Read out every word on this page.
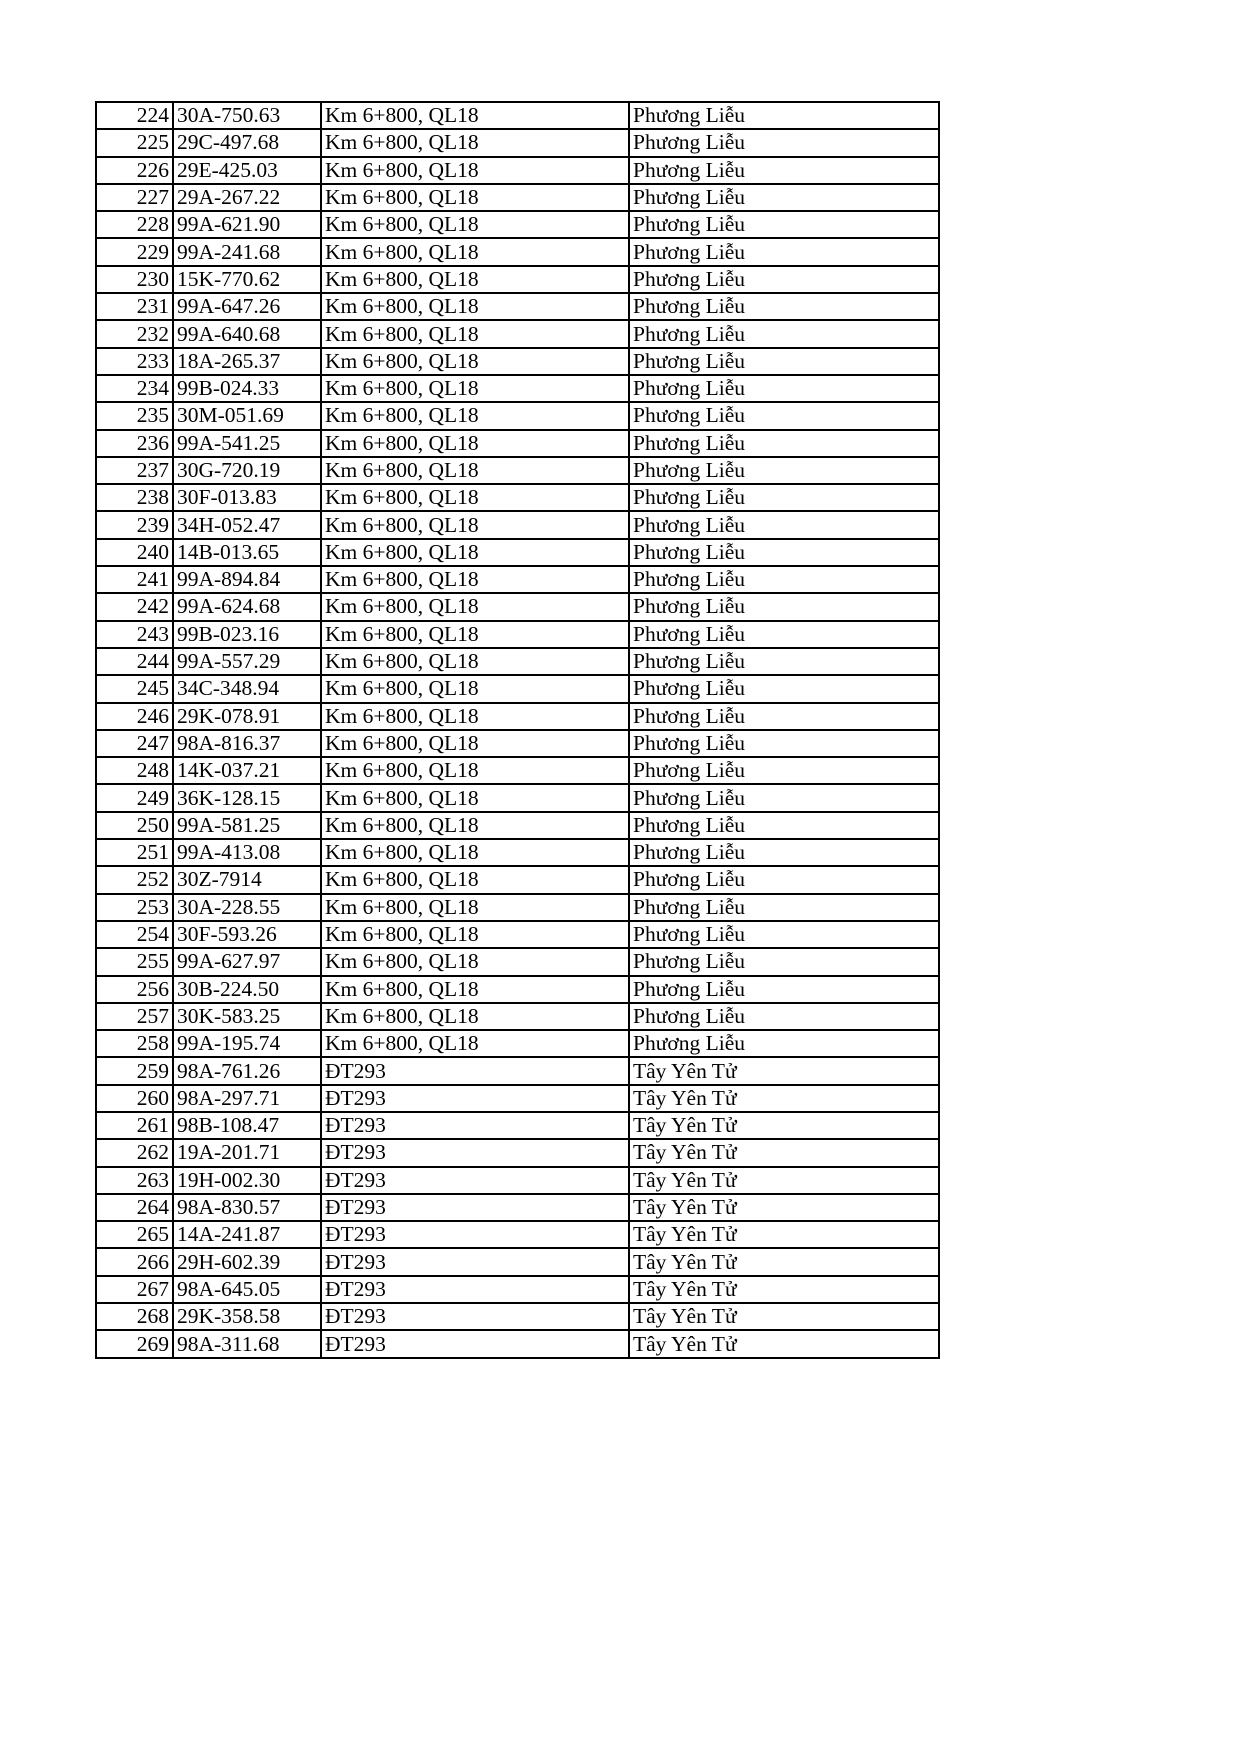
224	30A-750.63	Km 6+800, QL18	Phương Liễu
225	29C-497.68	Km 6+800, QL18	Phương Liễu
226	29E-425.03	Km 6+800, QL18	Phương Liễu
227	29A-267.22	Km 6+800, QL18	Phương Liễu
228	99A-621.90	Km 6+800, QL18	Phương Liễu
229	99A-241.68	Km 6+800, QL18	Phương Liễu
230	15K-770.62	Km 6+800, QL18	Phương Liễu
231	99A-647.26	Km 6+800, QL18	Phương Liễu
232	99A-640.68	Km 6+800, QL18	Phương Liễu
233	18A-265.37	Km 6+800, QL18	Phương Liễu
234	99B-024.33	Km 6+800, QL18	Phương Liễu
235	30M-051.69	Km 6+800, QL18	Phương Liễu
236	99A-541.25	Km 6+800, QL18	Phương Liễu
237	30G-720.19	Km 6+800, QL18	Phương Liễu
238	30F-013.83	Km 6+800, QL18	Phương Liễu
239	34H-052.47	Km 6+800, QL18	Phương Liễu
240	14B-013.65	Km 6+800, QL18	Phương Liễu
241	99A-894.84	Km 6+800, QL18	Phương Liễu
242	99A-624.68	Km 6+800, QL18	Phương Liễu
243	99B-023.16	Km 6+800, QL18	Phương Liễu
244	99A-557.29	Km 6+800, QL18	Phương Liễu
245	34C-348.94	Km 6+800, QL18	Phương Liễu
246	29K-078.91	Km 6+800, QL18	Phương Liễu
247	98A-816.37	Km 6+800, QL18	Phương Liễu
248	14K-037.21	Km 6+800, QL18	Phương Liễu
249	36K-128.15	Km 6+800, QL18	Phương Liễu
250	99A-581.25	Km 6+800, QL18	Phương Liễu
251	99A-413.08	Km 6+800, QL18	Phương Liễu
252	30Z-7914	Km 6+800, QL18	Phương Liễu
253	30A-228.55	Km 6+800, QL18	Phương Liễu
254	30F-593.26	Km 6+800, QL18	Phương Liễu
255	99A-627.97	Km 6+800, QL18	Phương Liễu
256	30B-224.50	Km 6+800, QL18	Phương Liễu
257	30K-583.25	Km 6+800, QL18	Phương Liễu
258	99A-195.74	Km 6+800, QL18	Phương Liễu
259	98A-761.26	ĐT293	Tây Yên Tử
260	98A-297.71	ĐT293	Tây Yên Tử
261	98B-108.47	ĐT293	Tây Yên Tử
262	19A-201.71	ĐT293	Tây Yên Tử
263	19H-002.30	ĐT293	Tây Yên Tử
264	98A-830.57	ĐT293	Tây Yên Tử
265	14A-241.87	ĐT293	Tây Yên Tử
266	29H-602.39	ĐT293	Tây Yên Tử
267	98A-645.05	ĐT293	Tây Yên Tử
268	29K-358.58	ĐT293	Tây Yên Tử
269	98A-311.68	ĐT293	Tây Yên Tử
